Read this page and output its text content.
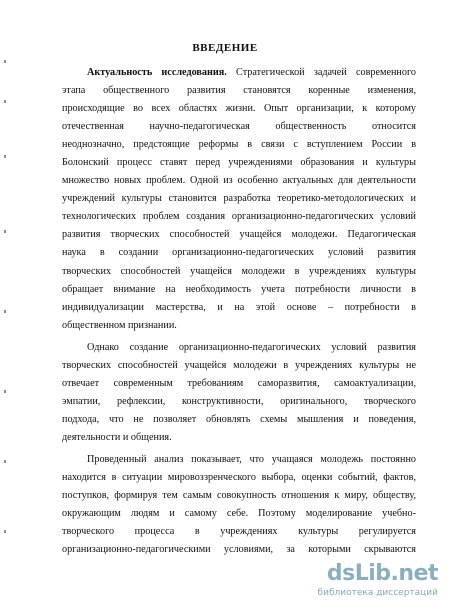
ВВЕДЕНИЕ
Актуальность исследования. Стратегической задачей современного
этапа общественного развития становятся коренные изменения,
происходящие во всех областях жизни. Опыт организации, к которому
отечественная научно-педагогическая общественность относится
неоднозначно, предстоящие реформы в связи с вступлением России в
Болонский процесс ставят перед учреждениями образования и культуры
множество новых проблем. Одной из особенно актуальных для деятельности
учреждений культуры становится разработка теоретико-методологических и
технологических проблем создания организационно-педагогических условий
развития творческих способностей учащейся молодежи. Педагогическая
наука в создании организационно-педагогических условий развития
творческих способностей учащейся молодежи в учреждениях культуры
обращает внимание на необходимость учета потребности личности в
индивидуализации мастерства, и на этой основе – потребности в
общественном признании.
Однако создание организационно-педагогических условий развития
творческих способностей учащейся молодежи в учреждениях культуры не
отвечает современным требованиям саморазвития, самоактуализации,
эмпатии, рефлексии, конструктивности, оригинального, творческого
подхода, что не позволяет обновлять схемы мышления и поведения,
деятельности и общения.
Проведенный анализ показывает, что учащаяся молодежь постоянно
находится в ситуации мировоззренческого выбора, оценки событий, фактов,
поступков, формируя тем самым совокупность отношения к миру, обществу,
окружающим людям и самому себе. Поэтому моделирование учебно-
творческого процесса в учреждениях культуры регулируется
организационно-педагогическими условиями, за которыми скрываются
dsLib.net
библиотека диссертаций
